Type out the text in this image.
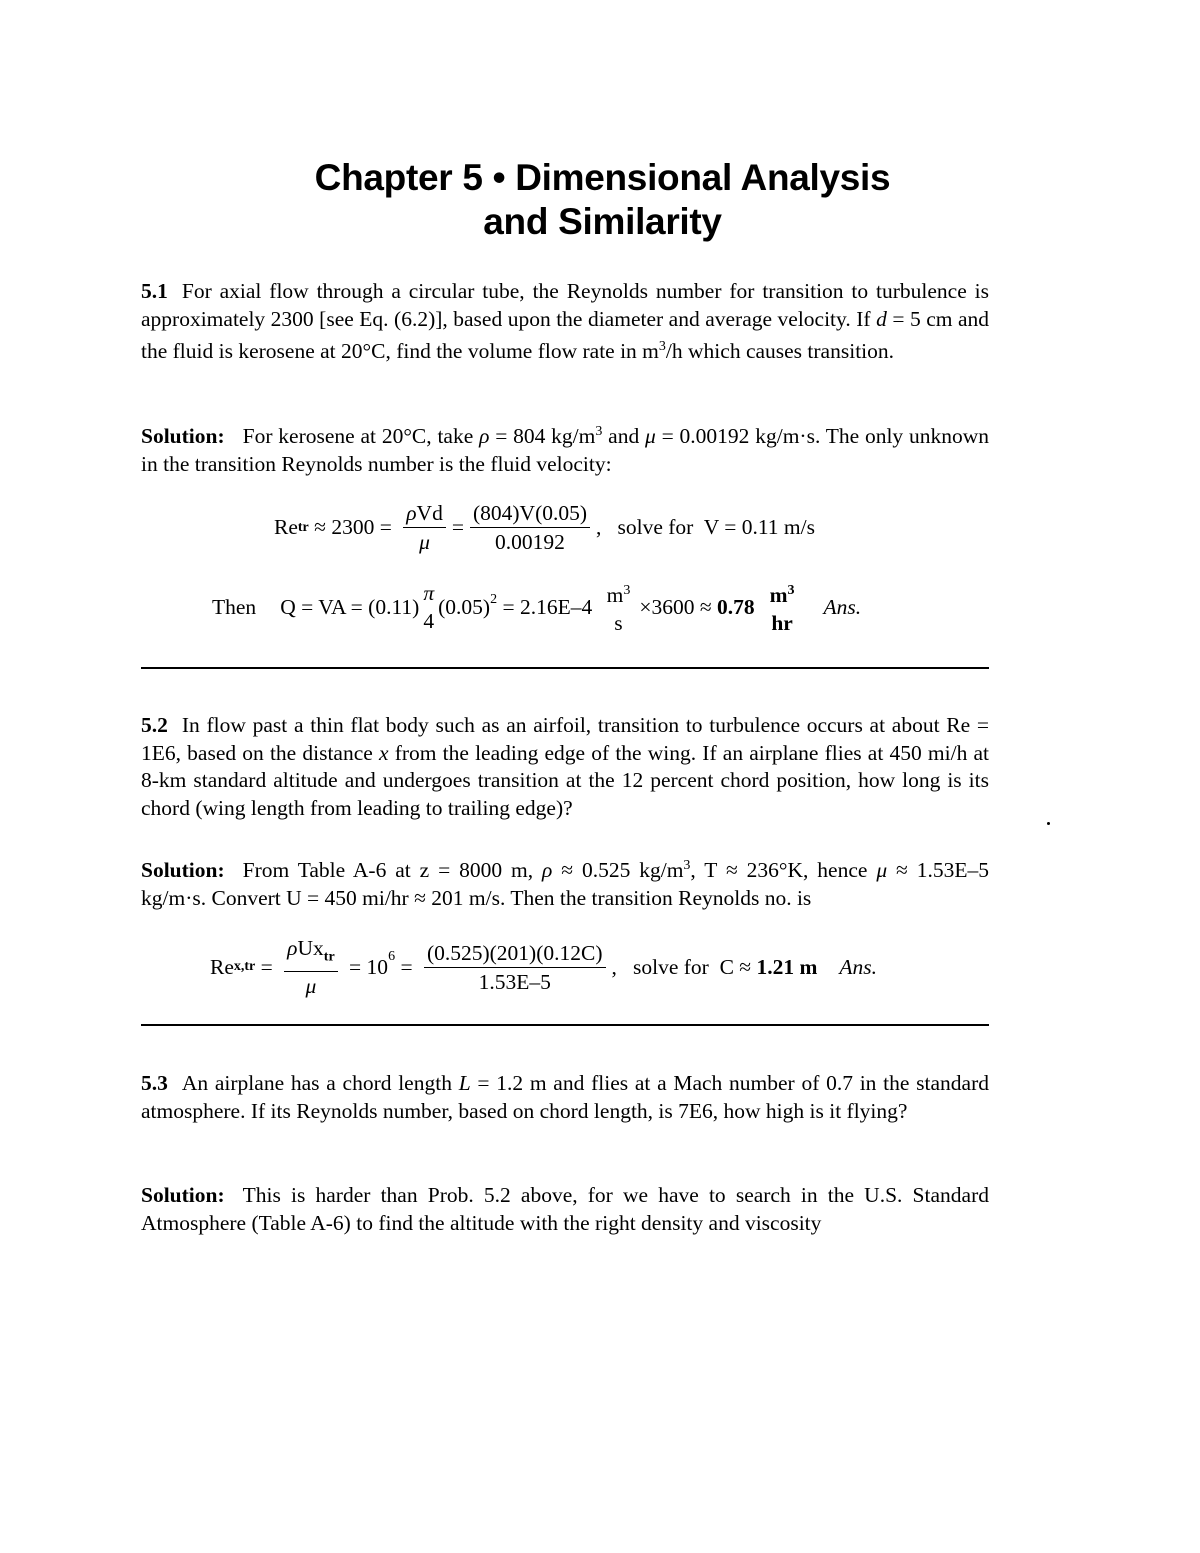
Chapter 5 • Dimensional Analysis
and Similarity
5.1 For axial flow through a circular tube, the Reynolds number for transition to turbulence is approximately 2300 [see Eq. (6.2)], based upon the diameter and average velocity. If d = 5 cm and the fluid is kerosene at 20°C, find the volume flow rate in $m^3/h$ which causes transition.
Solution: For kerosene at 20°C, take ρ = 804 $kg/m^3$ and μ = 0.00192 kg/m·s. The only unknown in the transition Reynolds number is the fluid velocity:
Re tr ≈ $2300 = \frac{\text{ρVd}}{\mu} = \frac{(804)V(0.05)}{0.00192}$ ,   solve for  V = 0.11 m/s
Then Q = VA = (0.11)
π
4
$(0.05)^2 = 2.16E-4$ $m^3$
s
×3600 ≈ 0.78 $m^3$
hr
Ans.
5.2 In flow past a thin flat body such as an airfoil, transition to turbulence occurs at about Re = 1E6, based on the distance x from the leading edge of the wing. If an airplane flies at 450 mi/h at 8-km standard altitude and undergoes transition at the 12 percent chord position, how long is its chord (wing length from leading to trailing edge)?
Solution: From Table A-6 at z = 8000 m, ρ ≈ 0.525 $kg/m^3$, T ≈ 236°K, hence μ ≈ 1.53E–5 kg/m·s. Convert U = 450 mi/hr ≈ 201 m/s. Then the transition Reynolds no. is
Re $x,tr = \frac{\rho Ux_{tr}}{\mu} = 10^6 = \frac{(0.525)(201)(0.12C)}{1.53E-5}$ ,   solve for  C ≈ 1.21 m Ans.
5.3 An airplane has a chord length L = 1.2 m and flies at a Mach number of 0.7 in the standard atmosphere. If its Reynolds number, based on chord length, is 7E6, how high is it flying?
Solution: This is harder than Prob. 5.2 above, for we have to search in the U.S. Standard Atmosphere (Table A-6) to find the altitude with the right density and viscosity
